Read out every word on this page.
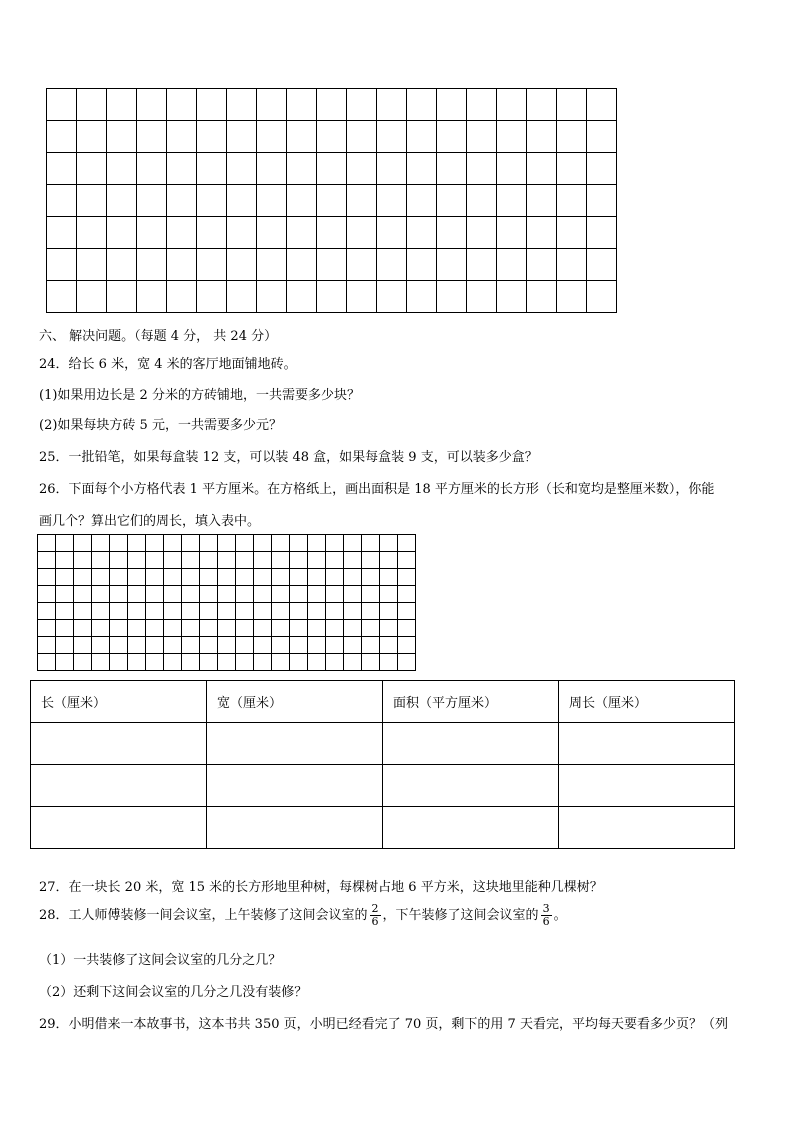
六、 解决问题。（每题 4 分， 共 24 分）
24．给长 6 米，宽 4 米的客厅地面铺地砖。
(1)如果用边长是 2 分米的方砖铺地，一共需要多少块？
(2)如果每块方砖 5 元，一共需要多少元？
25．一批铅笔，如果每盒装 12 支，可以装 48 盒，如果每盒装 9 支，可以装多少盒？
26．下面每个小方格代表 1 平方厘米。在方格纸上，画出面积是 18 平方厘米的长方形（长和宽均是整厘米数），你能
画几个？算出它们的周长，填入表中。

长（厘米）	宽（厘米）	面积（平方厘米）	周长（厘米）

27．在一块长 20 米，宽 15 米的长方形地里种树，每棵树占地 6 平方米，这块地里能种几棵树？
28．工人师傅装修一间会议室，上午装修了这间会议室的 $\frac{2}{6}$ ，下午装修了这间会议室的 $\frac{3}{6}$ 。
（1）一共装修了这间会议室的几分之几？
（2）还剩下这间会议室的几分之几没有装修？
29．小明借来一本故事书，这本书共 350 页，小明已经看完了 70 页，剩下的用 7 天看完，平均每天要看多少页？（列
